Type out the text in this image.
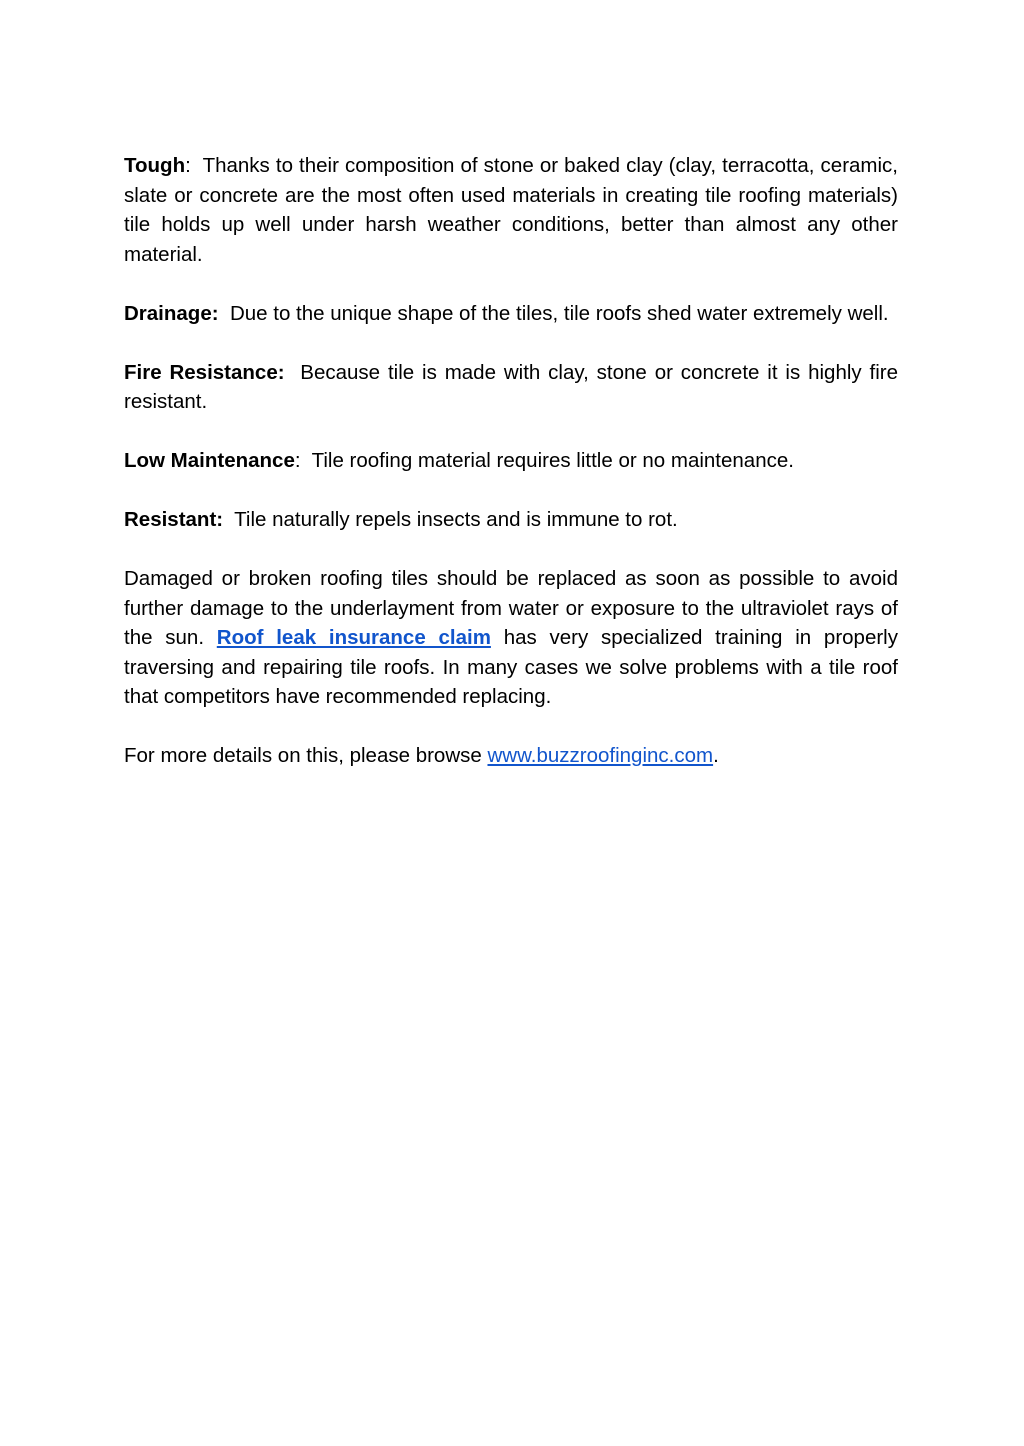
Tough:  Thanks to their composition of stone or baked clay (clay, terracotta, ceramic, slate or concrete are the most often used materials in creating tile roofing materials) tile holds up well under harsh weather conditions, better than almost any other material.

Drainage:  Due to the unique shape of the tiles, tile roofs shed water extremely well.

Fire Resistance:  Because tile is made with clay, stone or concrete it is highly fire resistant.

Low Maintenance:  Tile roofing material requires little or no maintenance.

Resistant:  Tile naturally repels insects and is immune to rot.

Damaged or broken roofing tiles should be replaced as soon as possible to avoid further damage to the underlayment from water or exposure to the ultraviolet rays of the sun. Roof leak insurance claim has very specialized training in properly traversing and repairing tile roofs. In many cases we solve problems with a tile roof that competitors have recommended replacing.

For more details on this, please browse www.buzzroofinginc.com.
